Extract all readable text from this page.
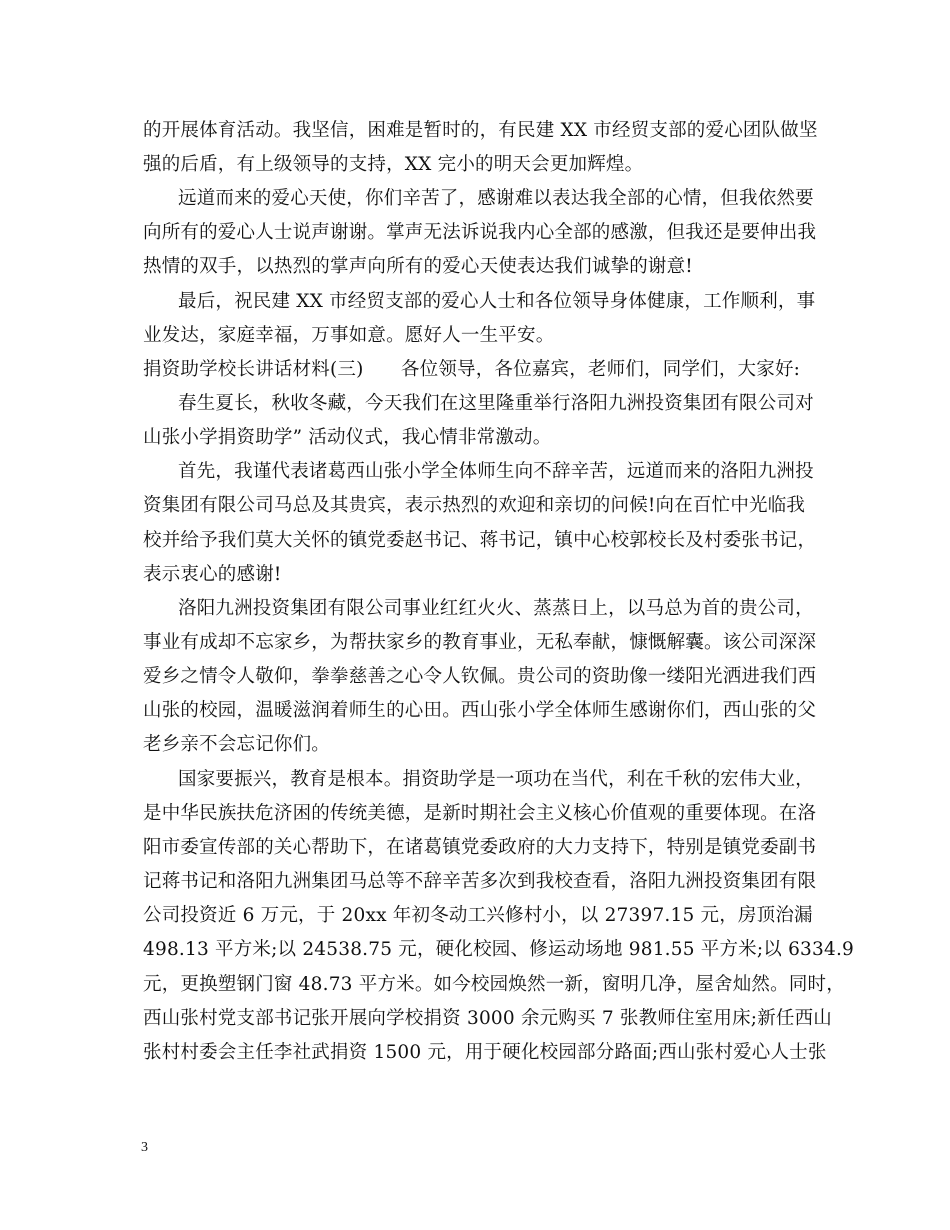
的开展体育活动。我坚信，困难是暂时的，有民建 XX 市经贸支部的爱心团队做坚
强的后盾，有上级领导的支持，XX 完小的明天会更加辉煌。
远道而来的爱心天使，你们辛苦了，感谢难以表达我全部的心情，但我依然要
向所有的爱心人士说声谢谢。掌声无法诉说我内心全部的感激，但我还是要伸出我
热情的双手，以热烈的掌声向所有的爱心天使表达我们诚挚的谢意!
最后，祝民建 XX 市经贸支部的爱心人士和各位领导身体健康，工作顺利，事
业发达，家庭幸福，万事如意。愿好人一生平安。
捐资助学校长讲话材料(三)　　各位领导，各位嘉宾，老师们，同学们，大家好:
春生夏长，秋收冬藏，今天我们在这里隆重举行洛阳九洲投资集团有限公司对
山张小学捐资助学” 活动仪式，我心情非常激动。
首先，我谨代表诸葛西山张小学全体师生向不辞辛苦，远道而来的洛阳九洲投
资集团有限公司马总及其贵宾，表示热烈的欢迎和亲切的问候!向在百忙中光临我
校并给予我们莫大关怀的镇党委赵书记、蒋书记，镇中心校郭校长及村委张书记，
表示衷心的感谢!
洛阳九洲投资集团有限公司事业红红火火、蒸蒸日上，以马总为首的贵公司，
事业有成却不忘家乡，为帮扶家乡的教育事业，无私奉献，慷慨解囊。该公司深深
爱乡之情令人敬仰，拳拳慈善之心令人钦佩。贵公司的资助像一缕阳光洒进我们西
山张的校园，温暖滋润着师生的心田。西山张小学全体师生感谢你们，西山张的父
老乡亲不会忘记你们。
国家要振兴，教育是根本。捐资助学是一项功在当代，利在千秋的宏伟大业，
是中华民族扶危济困的传统美德，是新时期社会主义核心价值观的重要体现。在洛
阳市委宣传部的关心帮助下，在诸葛镇党委政府的大力支持下，特别是镇党委副书
记蒋书记和洛阳九洲集团马总等不辞辛苦多次到我校查看，洛阳九洲投资集团有限
公司投资近 6 万元，于 20xx 年初冬动工兴修村小，以 27397.15 元，房顶治漏
498.13 平方米;以 24538.75 元，硬化校园、修运动场地 981.55 平方米;以 6334.9
元，更换塑钢门窗 48.73 平方米。如今校园焕然一新，窗明几净，屋舍灿然。同时，
西山张村党支部书记张开展向学校捐资 3000 余元购买 7 张教师住室用床;新任西山
张村村委会主任李社武捐资 1500 元，用于硬化校园部分路面;西山张村爱心人士张
3
